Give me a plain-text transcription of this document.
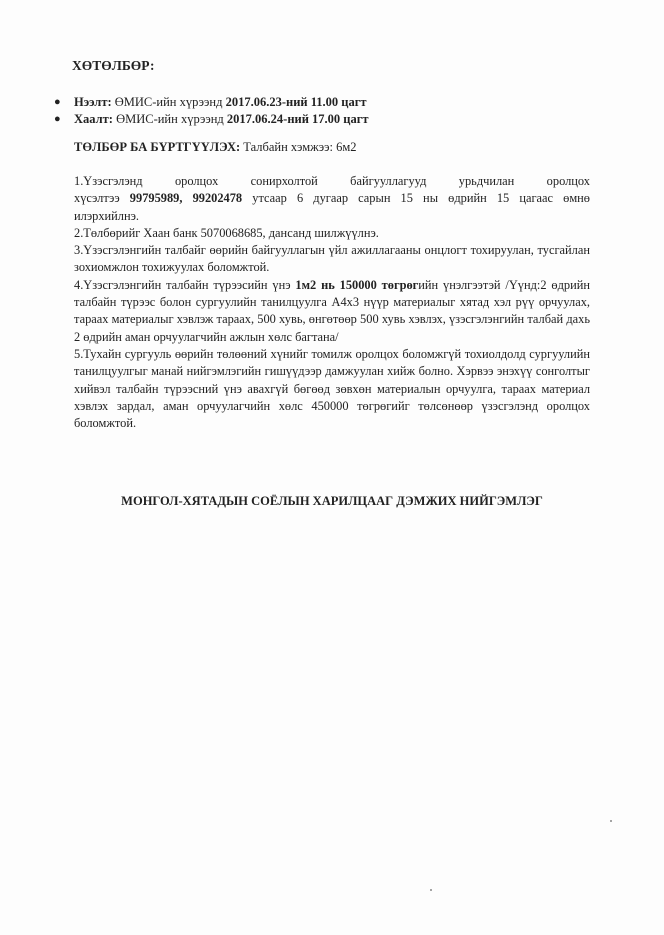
ХӨТӨЛБӨР:
● Нээлт: ӨМИС-ийн хүрээнд 2017.06.23-ний 11.00 цагт
● Хаалт: ӨМИС-ийн хүрээнд 2017.06.24-ний 17.00 цагт
ТӨЛБӨР БА БҮРТГҮҮЛЭХ: Талбайн хэмжээ: 6м2

1.Үзэсгэлэнд оролцох сонирхолтой байгууллагууд урьдчилан оролцох

хүсэлтээ 99795989, 99202478 утсаар 6 дугаар сарын 15 ны өдрийн 15 цагаас өмнө

илэрхийлнэ.

2.Төлбөрийг Хаан банк 5070068685, дансанд шилжүүлнэ.

3.Үзэсгэлэнгийн талбайг өөрийн байгууллагын үйл ажиллагааны онцлогт тохируулан, тусгайлан зохиомжлон тохижуулах боломжтой.

4.Үзэсгэлэнгийн талбайн түрээсийн үнэ 1м2 нь 150000 төгрөгийн үнэлгээтэй /Үүнд:2 өдрийн талбайн түрээс болон сургуулийн танилцуулга А4х3 нүүр материалыг хятад хэл рүү орчуулах, тараах материалыг хэвлэж тараах, 500 хувь, өнгөтөөр 500 хувь хэвлэх, үзэсгэлэнгийн талбай дахь 2 өдрийн аман орчуулагчийн ажлын хөлс багтана/

5.Тухайн сургууль өөрийн төлөөний хүнийг томилж оролцох боломжгүй тохиолдолд сургуулийн танилцуулгыг манай нийгэмлэгийн гишүүдээр дамжуулан хийж болно. Хэрвээ энэхүү сонголтыг хийвэл талбайн түрээсний үнэ авахгүй бөгөөд зөвхөн материалын орчуулга, тараах материал хэвлэх зардал, аман орчуулагчийн хөлс 450000 төгрөгийг төлсөнөөр үзэсгэлэнд оролцох боломжтой.

МОНГОЛ-ХЯТАДЫН СОЁЛЫН ХАРИЛЦААГ ДЭМЖИХ НИЙГЭМЛЭГ
